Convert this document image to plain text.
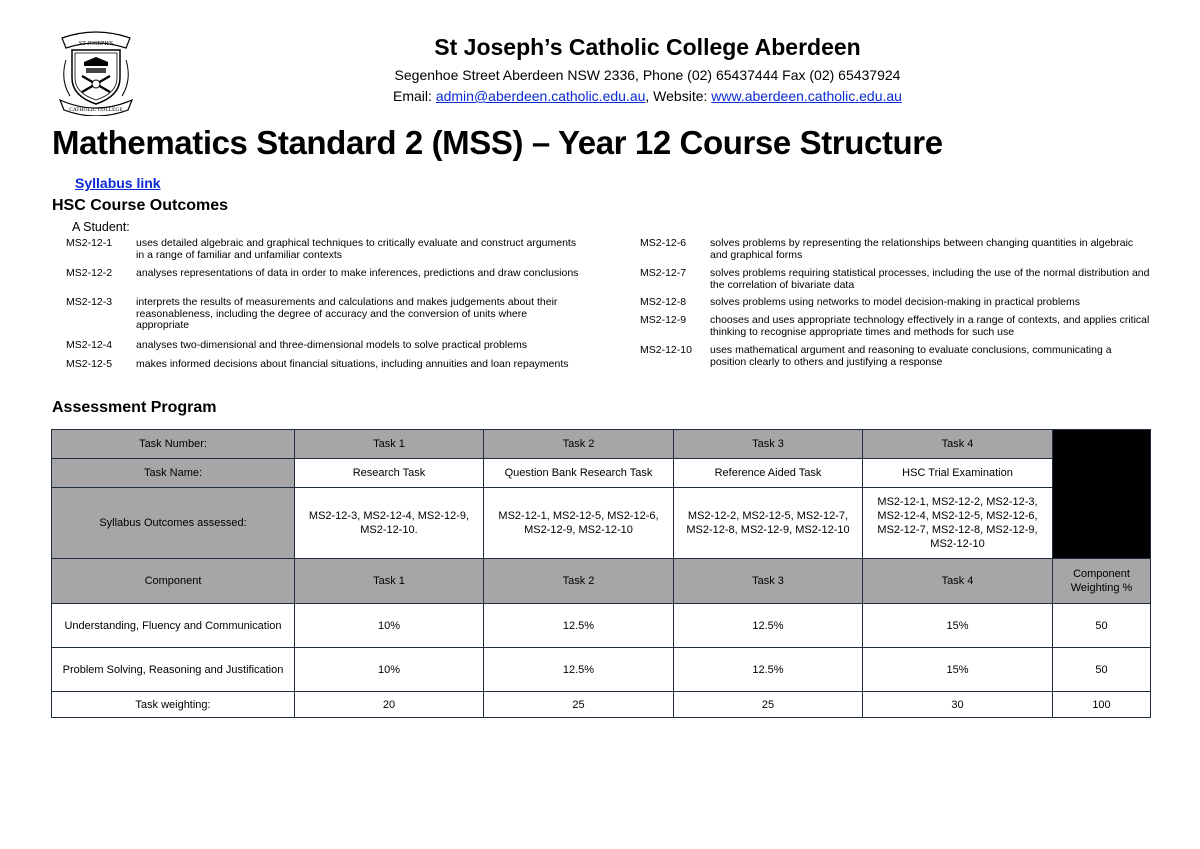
ST JOSEPH'S
CATHOLIC COLLEGE
St Joseph’s Catholic College Aberdeen
Segenhoe Street Aberdeen NSW 2336, Phone (02) 65437444 Fax (02) 65437924
Email: admin@aberdeen.catholic.edu.au, Website: www.aberdeen.catholic.edu.au
Mathematics Standard 2 (MSS) – Year 12 Course Structure
Syllabus link
HSC Course Outcomes
A Student:
MS2-12-1 uses detailed algebraic and graphical techniques to critically evaluate and construct arguments in a range of familiar and unfamiliar contexts
MS2-12-2 analyses representations of data in order to make inferences, predictions and draw conclusions
MS2-12-3 interprets the results of measurements and calculations and makes judgements about their reasonableness, including the degree of accuracy and the conversion of units where appropriate
MS2-12-4 analyses two-dimensional and three-dimensional models to solve practical problems
MS2-12-5 makes informed decisions about financial situations, including annuities and loan repayments
MS2-12-6 solves problems by representing the relationships between changing quantities in algebraic and graphical forms
MS2-12-7 solves problems requiring statistical processes, including the use of the normal distribution and the correlation of bivariate data
MS2-12-8 solves problems using networks to model decision-making in practical problems
MS2-12-9 chooses and uses appropriate technology effectively in a range of contexts, and applies critical thinking to recognise appropriate times and methods for such use
MS2-12-10 uses mathematical argument and reasoning to evaluate conclusions, communicating a position clearly to others and justifying a response
Assessment Program
Task Number:	Task 1	Task 2	Task 3	Task 4	
Task Name:	Research Task	Question Bank Research Task	Reference Aided Task	HSC Trial Examination	
Syllabus Outcomes assessed:	MS2-12-3, MS2-12-4, MS2-12-9, MS2-12-10.	MS2-12-1, MS2-12-5, MS2-12-6, MS2-12-9, MS2-12-10	MS2-12-2, MS2-12-5, MS2-12-7, MS2-12-8, MS2-12-9, MS2-12-10	MS2-12-1, MS2-12-2, MS2-12-3, MS2-12-4, MS2-12-5, MS2-12-6, MS2-12-7, MS2-12-8, MS2-12-9, MS2-12-10	
Component	Task 1	Task 2	Task 3	Task 4	Component Weighting %
Understanding, Fluency and Communication	10%	12.5%	12.5%	15%	50
Problem Solving, Reasoning and Justification	10%	12.5%	12.5%	15%	50
Task weighting:	20	25	25	30	100
